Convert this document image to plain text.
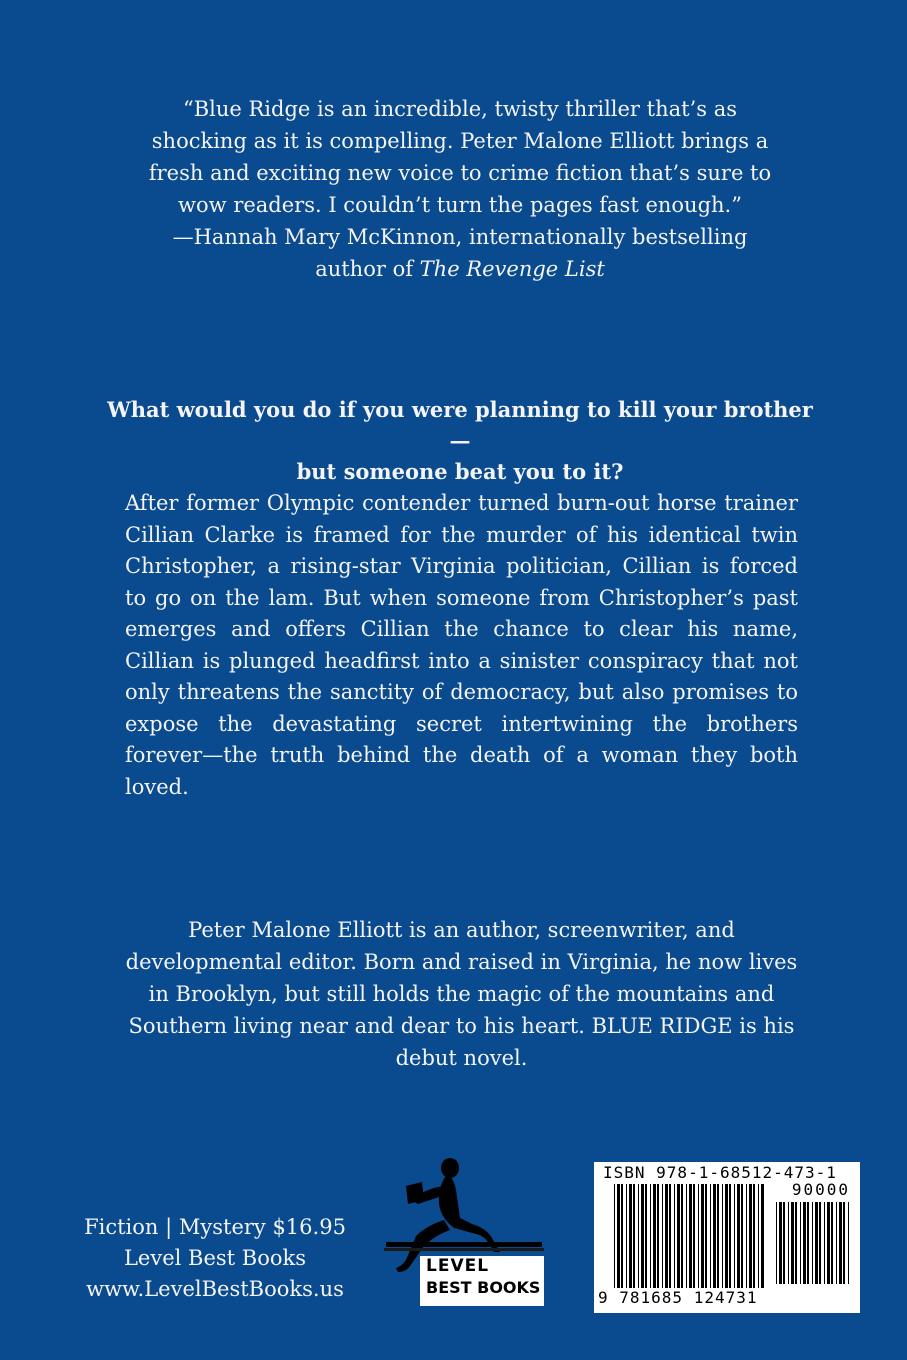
“Blue Ridge is an incredible, twisty thriller that’s as
shocking as it is compelling. Peter Malone Elliott brings a
fresh and exciting new voice to crime fiction that’s sure to
wow readers. I couldn’t turn the pages fast enough.”
—Hannah Mary McKinnon, internationally bestselling
author of The Revenge List
What would you do if you were planning to kill your brother—
but someone beat you to it?
After former Olympic contender turned burn-out horse trainer Cillian Clarke is framed for the murder of his identical twin Christopher, a rising-star Virginia politician, Cillian is forced to go on the lam. But when someone from Christopher’s past emerges and offers Cillian the chance to clear his name, Cillian is plunged headfirst into a sinister conspiracy that not only threatens the sanctity of democracy, but also promises to expose the devastating secret intertwining the brothers forever—the truth behind the death of a woman they both loved.
Peter Malone Elliott is an author, screenwriter, and
developmental editor. Born and raised in Virginia, he now lives
in Brooklyn, but still holds the magic of the mountains and
Southern living near and dear to his heart. BLUE RIDGE is his
debut novel.
Fiction | Mystery $16.95
Level Best Books
www.LevelBestBooks.us
LEVEL
BEST BOOKS
ISBN 978-1-68512-473-1
90000
9 781685 124731
